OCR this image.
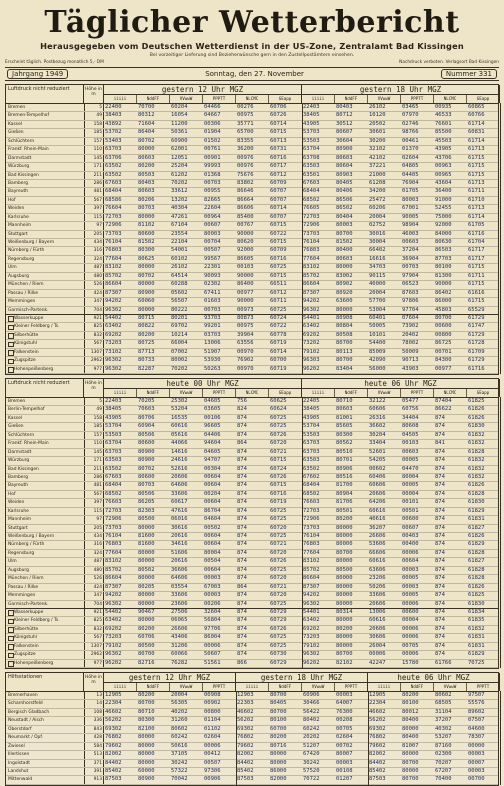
Täglicher Wetterbericht
Herausgegeben vom Deutschen Wetterdienst in der US-Zone, Zentralamt Bad Kissingen
Bei vorzeitiger Lieferung sind Bezieherwünsche gern in den Zustellpostämtern einsehen.
Erscheint täglich. Postbezug monatlich 5,- DM	Nachdruck verboten. Verlagsort Bad Kissingen
Jahrgang 1949	Sonntag, den 27. November	Nummer 331
Luftdruck nicht reduziert	Höhe in m
gestern 12 Uhr MGZ
iiiii	NddFF	VVwwW	PPPTT	NLCMC	GEapp
gestern 18 Uhr MGZ
iiiii	NddFF	VVwwW	PPPTT	NLCMC	GEapp
Bremen	5 22400	70700	60204	04466	00276	60706	22403	80403	26102	03465	00935	60865
Bremen-Tempelhof	49 38403	80312	16054	04667	00975	60726	38405	80712	10120	07970	46533	60766
Kassel	158 43892	71604	11200	00306	35771	60714	43905	30512	20502	02746	76601	61714
Gießen	185 53702	86404	50361	01904	65700	60715	53703	80607	30601	98766	85500	60831
Schlüchtern	157 53403	80702	60900	01502	83355	60713	53503	30604	30200	00461	45503	61714
Frankf. Rhein-Main	110 63703	80000	62001	00761	36200	60731	63704	80900	32102	01370	43905	61713
Darmstadt	145 63706	80603	12051	00901	00976	60716	63708	80603	42102	02604	43706	61715
Würzburg	171 63502	80200	25204	99993	00976	60717	63503	80604	37221	04805	00963	61715
Bad Kissingen	211 63502	80503	61202	01368	75676	60712	63501	80903	21000	04405	00965	61715
Bamberg	286 67603	80403	70202	00703	83802	60709	67603	80405	61208	76904	43604	61713
Bayreuth	481 68404	80603	33612	00955	86646	60707	68404	80406	34200	01705	36400	61711
Hof	567 68586	80206	13202	82665	86664	60707	68502	86506	25472	80003	91000	61710
Weiden	397 76604	80703	40304	22604	86606	60714	76605	86502	60206	67001	52455	61713
Karlsruhe	115 72703	80000	47261	00964	85400	60707	72703	80404	20004	90005	75000	61714
Mannheim	97 72906	81102	67104	00607	00767	60715	72906	80003	02752	98904	92000	61705
Stuttgart	205 73703	80600	23554	80003	90000	60722	73703	80700	30016	46003	84000	61716
Weißenburg / Bayern	434 76104	81502	22104	00704	80620	60715	76104	81502	30004	00603	80630	61704
Nürnberg / Fürth	316 76803	80300	54001	00507	92000	60709	76803	80400	66402	37204	86503	61717
Regensburg	324 77604	80625	60102	99567	86605	60716	77604	80603	16616	36904	87703	61717
Ulm	487 83102	80000	26102	22301	00103	60725	83102	80000	34703	00703	80100	61715
Augsburg	480 85702	80702	64514	90093	90000	60715	85702	83002	90115	97904	81300	61711
München / Riem	526 86604	80000	60288	02302	86400	66511	86604	80902	40000	06523	90000	61715
Passau / Rilke	424 87307	80900	05602	67411	00977	60712	87307	80920	20004	87603	86402	61616
Memmingen	347 94202	60060	56507	01603	90000	60711	94202	63600	57700	97806	86000	61715
Garmisch-Partenk.	704 96302	80000	80222	00703	00973	60725	96302	80000	53004	97704	45803	65529
Wasserkuppe	921 54402	80715	80201	93703	80873	60724	54401	80908	60401	07604	80700	61729
Kleiner Feldberg / Ts.	825 63402	80822	69702	99201	00975	60722	63402	80804	50005	73902	00600	61747
Silberhütte	832 69202	80200	10214	03703	39904	60778	69202	80508	10101	20402	00800	61729
Königstuhl	567 73203	80725	66004	13006	63556	60719	73202	80700	54400	78002	86725	61728
Falkenstein	1307 73102	87713	07002	51907	00970	60714	79102	80113	85009	50009	00701	61709
Zugspitze	2962 96302	80733	80002	53930	76902	60700	96303	80700	42090	90713	84300	61729
Hohenpeißenberg	977 96302	82287	70202	50263	00970	60719	96202	83404	56000	43903	00977	61716
Luftdruck nicht reduziert	Höhe in m
heute 00 Uhr MGZ
iiiii	NddFF	VVwwW	PPPTT	NLCMC	GEapp
heute 06 Uhr MGZ
iiiii	NddFF	VVwwW	PPPTT	NLCMC	GEapp
Bremen	5 22403	70205	25302	04605	756	60625	22405	80710	32122	05477	87404	61825
Berlin-Tempelhof	49 38405	70603	53204	03605	824	60624	38405	80603	60606	60756	86622	61826
Kassel	158 43905	80706	16535	00106	874	60725	43905	81001	26316	34404	874	61826
Gießen	185 53704	60904	60616	96605	874	60725	53704	85605	36602	80608	874	61830
Schlüchtern	157 53503	80506	05616	04406	874	60726	53503	80300	30204	04505	874	61832
Frankf. Rhein-Main	110 63704	80600	44066	94604	864	60720	63703	80562	33404	00103	841	61832
Darmstadt	145 63703	80900	14616	04605	874	60721	63703	80510	52601	00603	874	61828
Würzburg	171 63503	80900	24616	94707	874	60715	63503	80701	54205	00005	874	61832
Bad Kissingen	211 63502	80702	52616	00304	874	60724	63502	80906	00602	04470	874	61832
Bamberg	286 67603	80600	20606	00604	874	60726	67602	80516	60406	80004	874	61832
Bayreuth	481 68404	80703	64606	00604	874	60715	68404	81700	60606	00005	874	61826
Hof	567 68502	80506	33606	00204	874	60716	68502	80904	20606	00004	874	61828
Weiden	397 76603	86205	60617	00604	874	60719	76603	81706	64206	00101	874	61830
Karlsruhe	115 72703	82303	47616	86704	874	60725	72703	80501	60616	00501	874	61829
Mannheim	97 72906	80500	06016	04604	874	60725	72906	80200	40616	00600	874	61831
Stuttgart	205 73703	80000	30616	00502	874	60720	73703	80000	36207	00607	874	61827
Weißenburg / Bayern	434 76104	81600	20616	00604	874	60725	76104	80000	26606	00403	874	61826
Nürnberg / Fürth	316 76803	81600	34616	00604	874	60721	76803	80000	53606	00400	874	61829
Regensburg	324 77604	80000	51606	80004	874	60720	77604	80700	66606	00006	874	61828
Ulm	487 83102	80000	20616	00504	874	60726	83102	80000	60616	00604	874	61827
Augsburg	480 85702	80502	36606	00604	874	60725	85702	80500	63606	00003	874	61828
München / Riem	526 86604	80000	64606	00003	874	60720	86604	80000	23206	00005	874	61828
Passau / Rilke	424 87307	80205	03554	67003	864	60721	87307	80000	50206	00003	874	61826
Memmingen	347 94202	80000	33606	00003	874	60720	94202	80000	33606	00005	874	61825
Garmisch-Partenk.	704 96302	80000	23606	00206	874	60725	96302	80000	20606	00006	874	61830
Wasserkuppe	921 54402	90467	27506	32604	874	60729	54401	80314	13006	00600	874	61834
Kleiner Feldberg / Ts.	825 63402	80000	06065	56804	874	60729	63402	80000	60616	00004	874	61835
Silberhütte	832 69202	80200	26606	97706	874	60726	69202	80200	20606	00006	874	61832
Königstuhl	567 73203	60706	43406	86004	874	60725	73203	80000	30606	00006	874	61831
Falkenstein	1307 79102	80500	31206	00006	874	60725	79102	80000	26004	00705	874	61831
Zugspitze	2962 96302	80700	60066	50607	874	60730	96302	80700	00006	00006	874	61829
Hohenpeißenberg	977 96202	82716	76282	51561	866	60729	96202	82102	42247	15780	61766	70725
Hilfsstationen	Höhe in m
gestern 12 Uhr MGZ
iiiii	NddFF	VVwwW	PPPTT
gestern 18 Uhr MGZ
iiiii	NddFF	VVwwW	PPPTT
heute 06 Uhr MGZ
iiiii	NddFF	VVwwW	PPPTT
Bremerhaven	13 12905	80200	20004	00908	12903	80700	60906	00003	12905	80200	80602	97507
Scharnhorstfeld	14 22304	80700	56305	00902	22303	80405	30466	64007	22304	80100	68505	55576
Bergisch Gladbach	108 46602	80710	40202	00800	46602	80700	56422	76300	46602	80012	31104	89602
Neustadt / Aisch	336 56202	80300	31260	01104	56202	80100	80402	00208	56202	80400	37207	07507
Oberstdorf	843 69302	82100	80602	01102	69302	60700	60242	00705	69302	80000	40302	04600
Neumarkt / Opf.	428 76802	80000	60242	02604	76802	80200	20202	02604	76802	80400	53207	78307
Zwiesel	584 79602	80000	50616	00006	79602	80716	51207	00702	79602	81007	87160	00000
Illertissen	513 82002	80000	37105	00412	82002	80000	67420	80007	82002	80000	02300	00003
Ingolstadt	371 84402	80000	30242	00507	84402	80000	30242	00003	84402	80700	70207	00007
Landshut	391 85402	60000	57322	97306	85402	86000	57520	00108	85402	80000	67207	00003
Mittenwald	913 87503	80900	70042	00906	87503	82000	70722	01207	87503	80700	70400	00700
